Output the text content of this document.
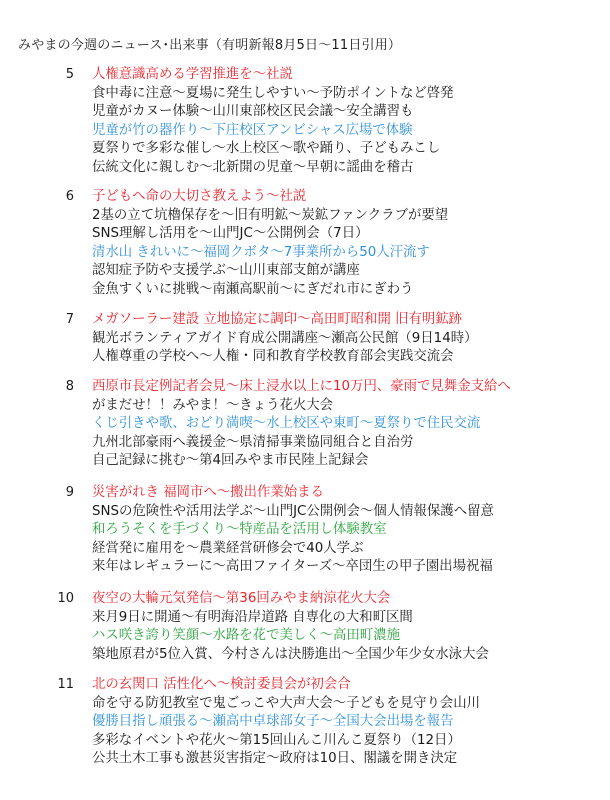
みやまの今週のニュース･出来事（有明新報8月5日～11日引用）
5 人権意識高める学習推進を～社説
食中毒に注意～夏場に発生しやすい～予防ポイントなど啓発
児童がカヌー体験～山川東部校区民会議～安全講習も
児童が竹の器作り～下庄校区アンビシャス広場で体験
夏祭りで多彩な催し～水上校区～歌や踊り、子どもみこし
伝統文化に親しむ～北新開の児童～早朝に謡曲を稽古
6 子どもへ命の大切さ教えよう～社説
2基の立て坑櫓保存を～旧有明鉱～炭鉱ファンクラブが要望
SNS理解し活用を～山門JC～公開例会（7日）
清水山 きれいに～福岡クボタ～7事業所から50人汗流す
認知症予防や支援学ぶ～山川東部支館が講座
金魚すくいに挑戦～南瀬高駅前～にぎだれ市にぎわう
7 メガソーラー建設 立地協定に調印～高田町昭和開 旧有明鉱跡
観光ボランティアガイド育成公開講座～瀬高公民館（9日14時）
人権尊重の学校へ～人権・同和教育学校教育部会実践交流会
8 西原市長定例記者会見～床上浸水以上に10万円、豪雨で見舞金支給へ
がまだせ！！みやま！～きょう花火大会
くじ引きや歌、おどり満喫～水上校区や東町～夏祭りで住民交流
九州北部豪雨へ義援金～県清掃事業協同組合と自治労
自己記録に挑む～第4回みやま市民陸上記録会
9 災害がれき 福岡市へ～搬出作業始まる
SNSの危険性や活用法学ぶ～山門JC公開例会～個人情報保護へ留意
和ろうそくを手づくり～特産品を活用し体験教室
経営発に雇用を～農業経営研修会で40人学ぶ
来年はレギュラーに～高田ファイターズ～卒団生の甲子園出場祝福
10 夜空の大輪元気発信～第36回みやま納涼花火大会
来月9日に開通～有明海沿岸道路 自専化の大和町区間
ハス咲き誇り笑顔～水路を花で美しく～高田町濃施
築地原君が5位入賞、今村さんは決勝進出～全国少年少女水泳大会
11 北の玄関口 活性化へ～検討委員会が初会合
命を守る防犯教室で鬼ごっこや大声大会～子どもを見守り会山川
優勝目指し頑張る～瀬高中卓球部女子～全国大会出場を報告
多彩なイベントや花火～第15回山んこ川んこ夏祭り（12日）
公共土木工事も激甚災害指定～政府は10日、閣議を開き決定
